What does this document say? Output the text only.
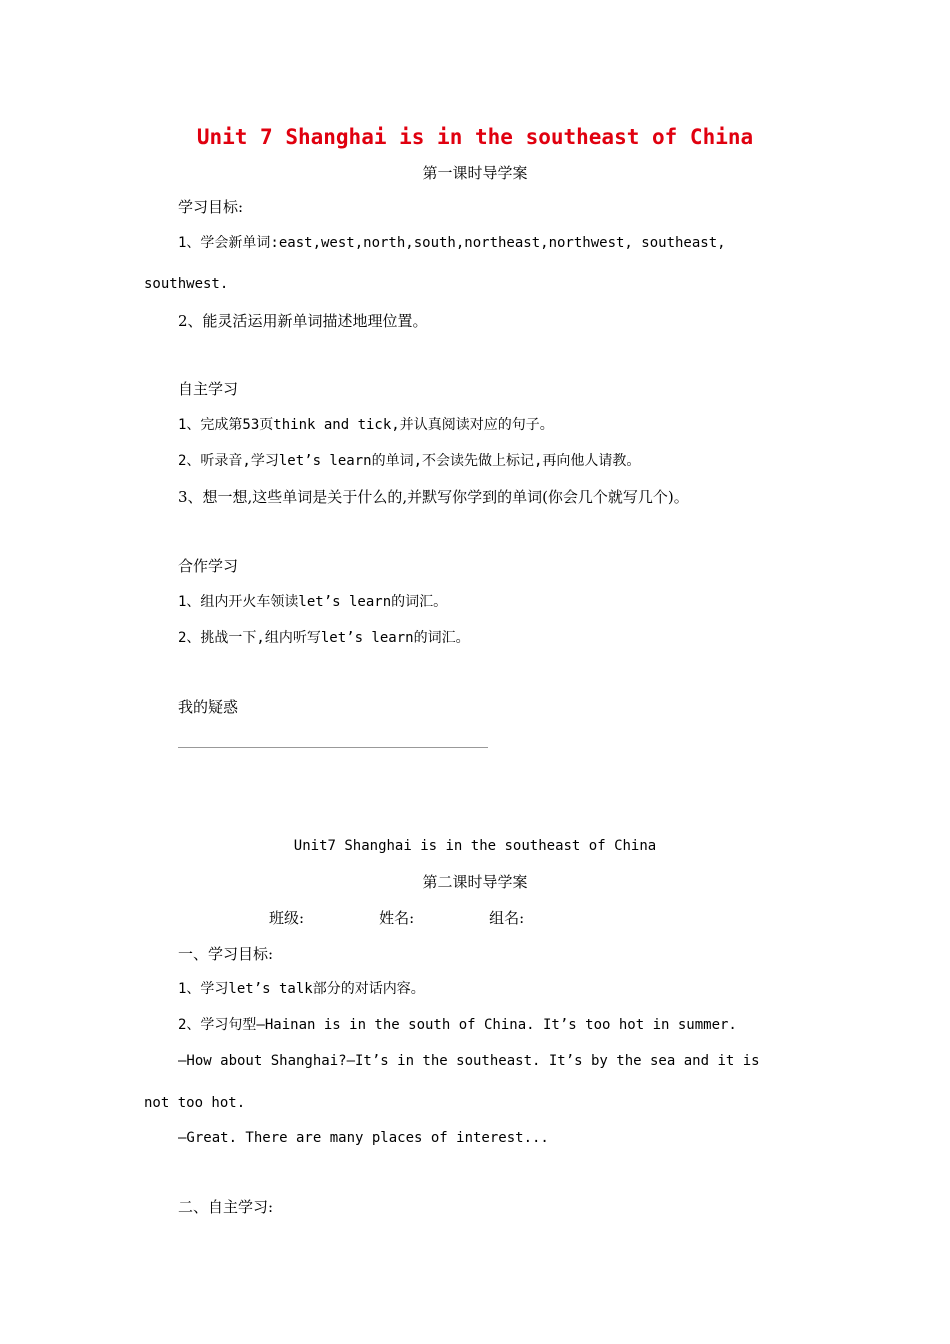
Unit 7 Shanghai is in the southeast of China
第一课时导学案
学习目标:
1、学会新单词:east,west,north,south,northeast,northwest, southeast,
southwest.
2、能灵活运用新单词描述地理位置。
自主学习
1、完成第53页think and tick,并认真阅读对应的句子。
2、听录音,学习let’s learn的单词,不会读先做上标记,再向他人请教。
3、想一想,这些单词是关于什么的,并默写你学到的单词(你会几个就写几个)。
合作学习
1、组内开火车领读let’s learn的词汇。
2、挑战一下,组内听写let’s learn的词汇。
我的疑惑
Unit7 Shanghai is in the southeast of China
第二课时导学案
班级:	姓名:	组名:
一、学习目标:
1、学习let’s talk部分的对话内容。
2、学习句型—Hainan is in the south of China. It’s too hot in summer.
—How about Shanghai?—It’s in the southeast. It’s by the sea and it is
not too hot.
—Great. There are many places of interest...
二、自主学习:
